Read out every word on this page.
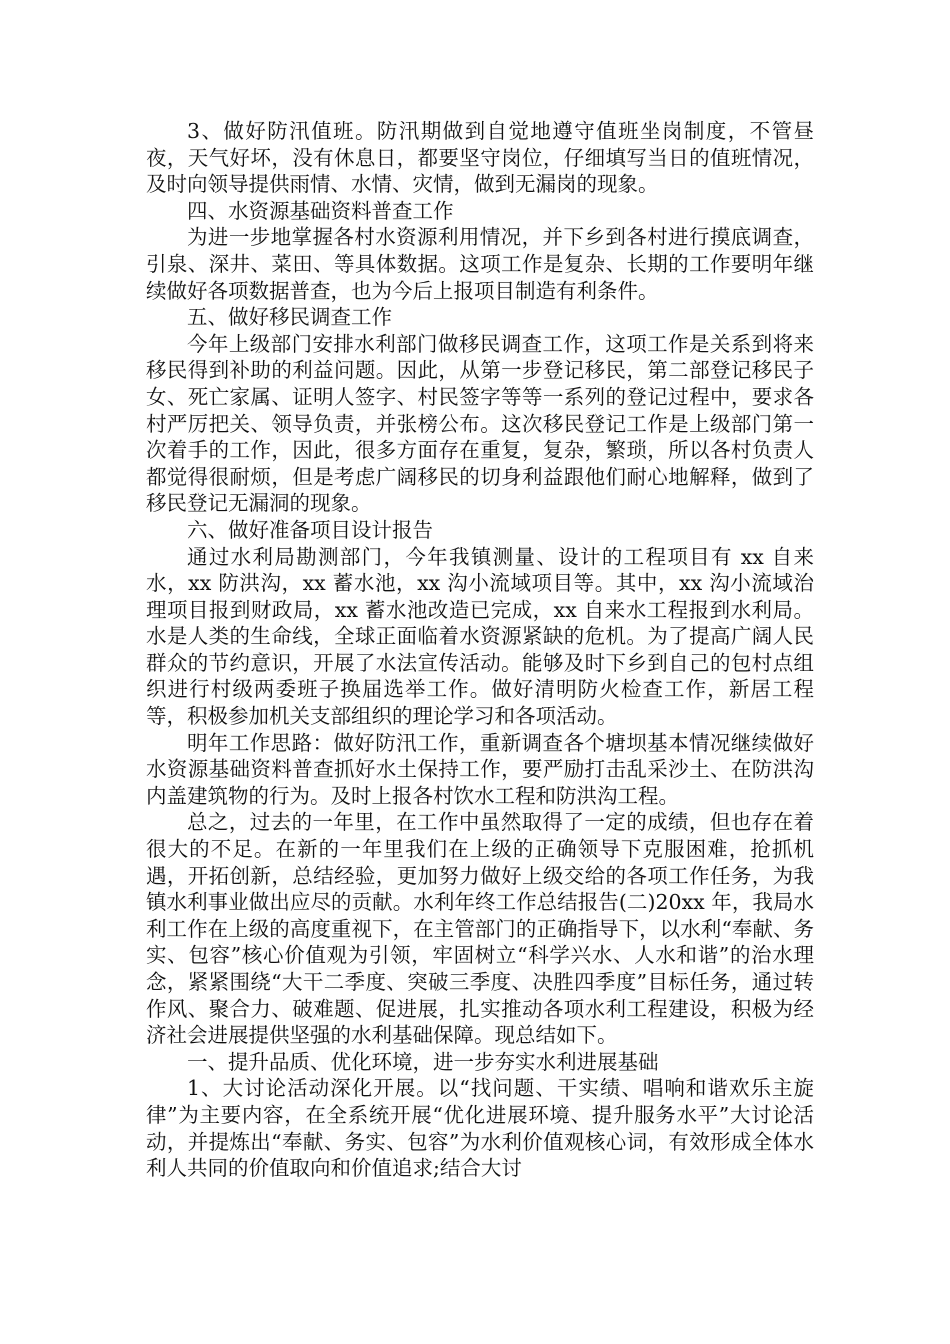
3、做好防汛值班。防汛期做到自觉地遵守值班坐岗制度，不管昼夜，天气好坏，没有休息日，都要坚守岗位，仔细填写当日的值班情况，及时向领导提供雨情、水情、灾情，做到无漏岗的现象。

四、水资源基础资料普查工作

为进一步地掌握各村水资源利用情况，并下乡到各村进行摸底调查，引泉、深井、菜田、等具体数据。这项工作是复杂、长期的工作要明年继续做好各项数据普查，也为今后上报项目制造有利条件。

五、做好移民调查工作

今年上级部门安排水利部门做移民调查工作，这项工作是关系到将来移民得到补助的利益问题。因此，从第一步登记移民，第二部登记移民子女、死亡家属、证明人签字、村民签字等等一系列的登记过程中，要求各村严厉把关、领导负责，并张榜公布。这次移民登记工作是上级部门第一次着手的工作，因此，很多方面存在重复，复杂，繁琐，所以各村负责人都觉得很耐烦，但是考虑广阔移民的切身利益跟他们耐心地解释，做到了移民登记无漏洞的现象。

六、做好准备项目设计报告

通过水利局勘测部门，今年我镇测量、设计的工程项目有 xx 自来水，xx 防洪沟，xx 蓄水池，xx 沟小流域项目等。其中，xx 沟小流域治理项目报到财政局，xx 蓄水池改造已完成，xx 自来水工程报到水利局。水是人类的生命线，全球正面临着水资源紧缺的危机。为了提高广阔人民群众的节约意识，开展了水法宣传活动。能够及时下乡到自己的包村点组织进行村级两委班子换届选举工作。做好清明防火检查工作，新居工程等，积极参加机关支部组织的理论学习和各项活动。

明年工作思路：做好防汛工作，重新调查各个塘坝基本情况继续做好水资源基础资料普查抓好水土保持工作，要严励打击乱采沙土、在防洪沟内盖建筑物的行为。及时上报各村饮水工程和防洪沟工程。

总之，过去的一年里，在工作中虽然取得了一定的成绩，但也存在着很大的不足。在新的一年里我们在上级的正确领导下克服困难，抢抓机遇，开拓创新，总结经验，更加努力做好上级交给的各项工作任务，为我镇水利事业做出应尽的贡献。水利年终工作总结报告(二)20xx 年，我局水利工作在上级的高度重视下，在主管部门的正确指导下，以水利“奉献、务实、包容”核心价值观为引领，牢固树立“科学兴水、人水和谐”的治水理念，紧紧围绕“大干二季度、突破三季度、决胜四季度”目标任务，通过转作风、聚合力、破难题、促进展，扎实推动各项水利工程建设，积极为经济社会进展提供坚强的水利基础保障。现总结如下。

一、提升品质、优化环境，进一步夯实水利进展基础

1、大讨论活动深化开展。以“找问题、干实绩、唱响和谐欢乐主旋律”为主要内容，在全系统开展“优化进展环境、提升服务水平”大讨论活动，并提炼出“奉献、务实、包容”为水利价值观核心词，有效形成全体水利人共同的价值取向和价值追求;结合大讨
